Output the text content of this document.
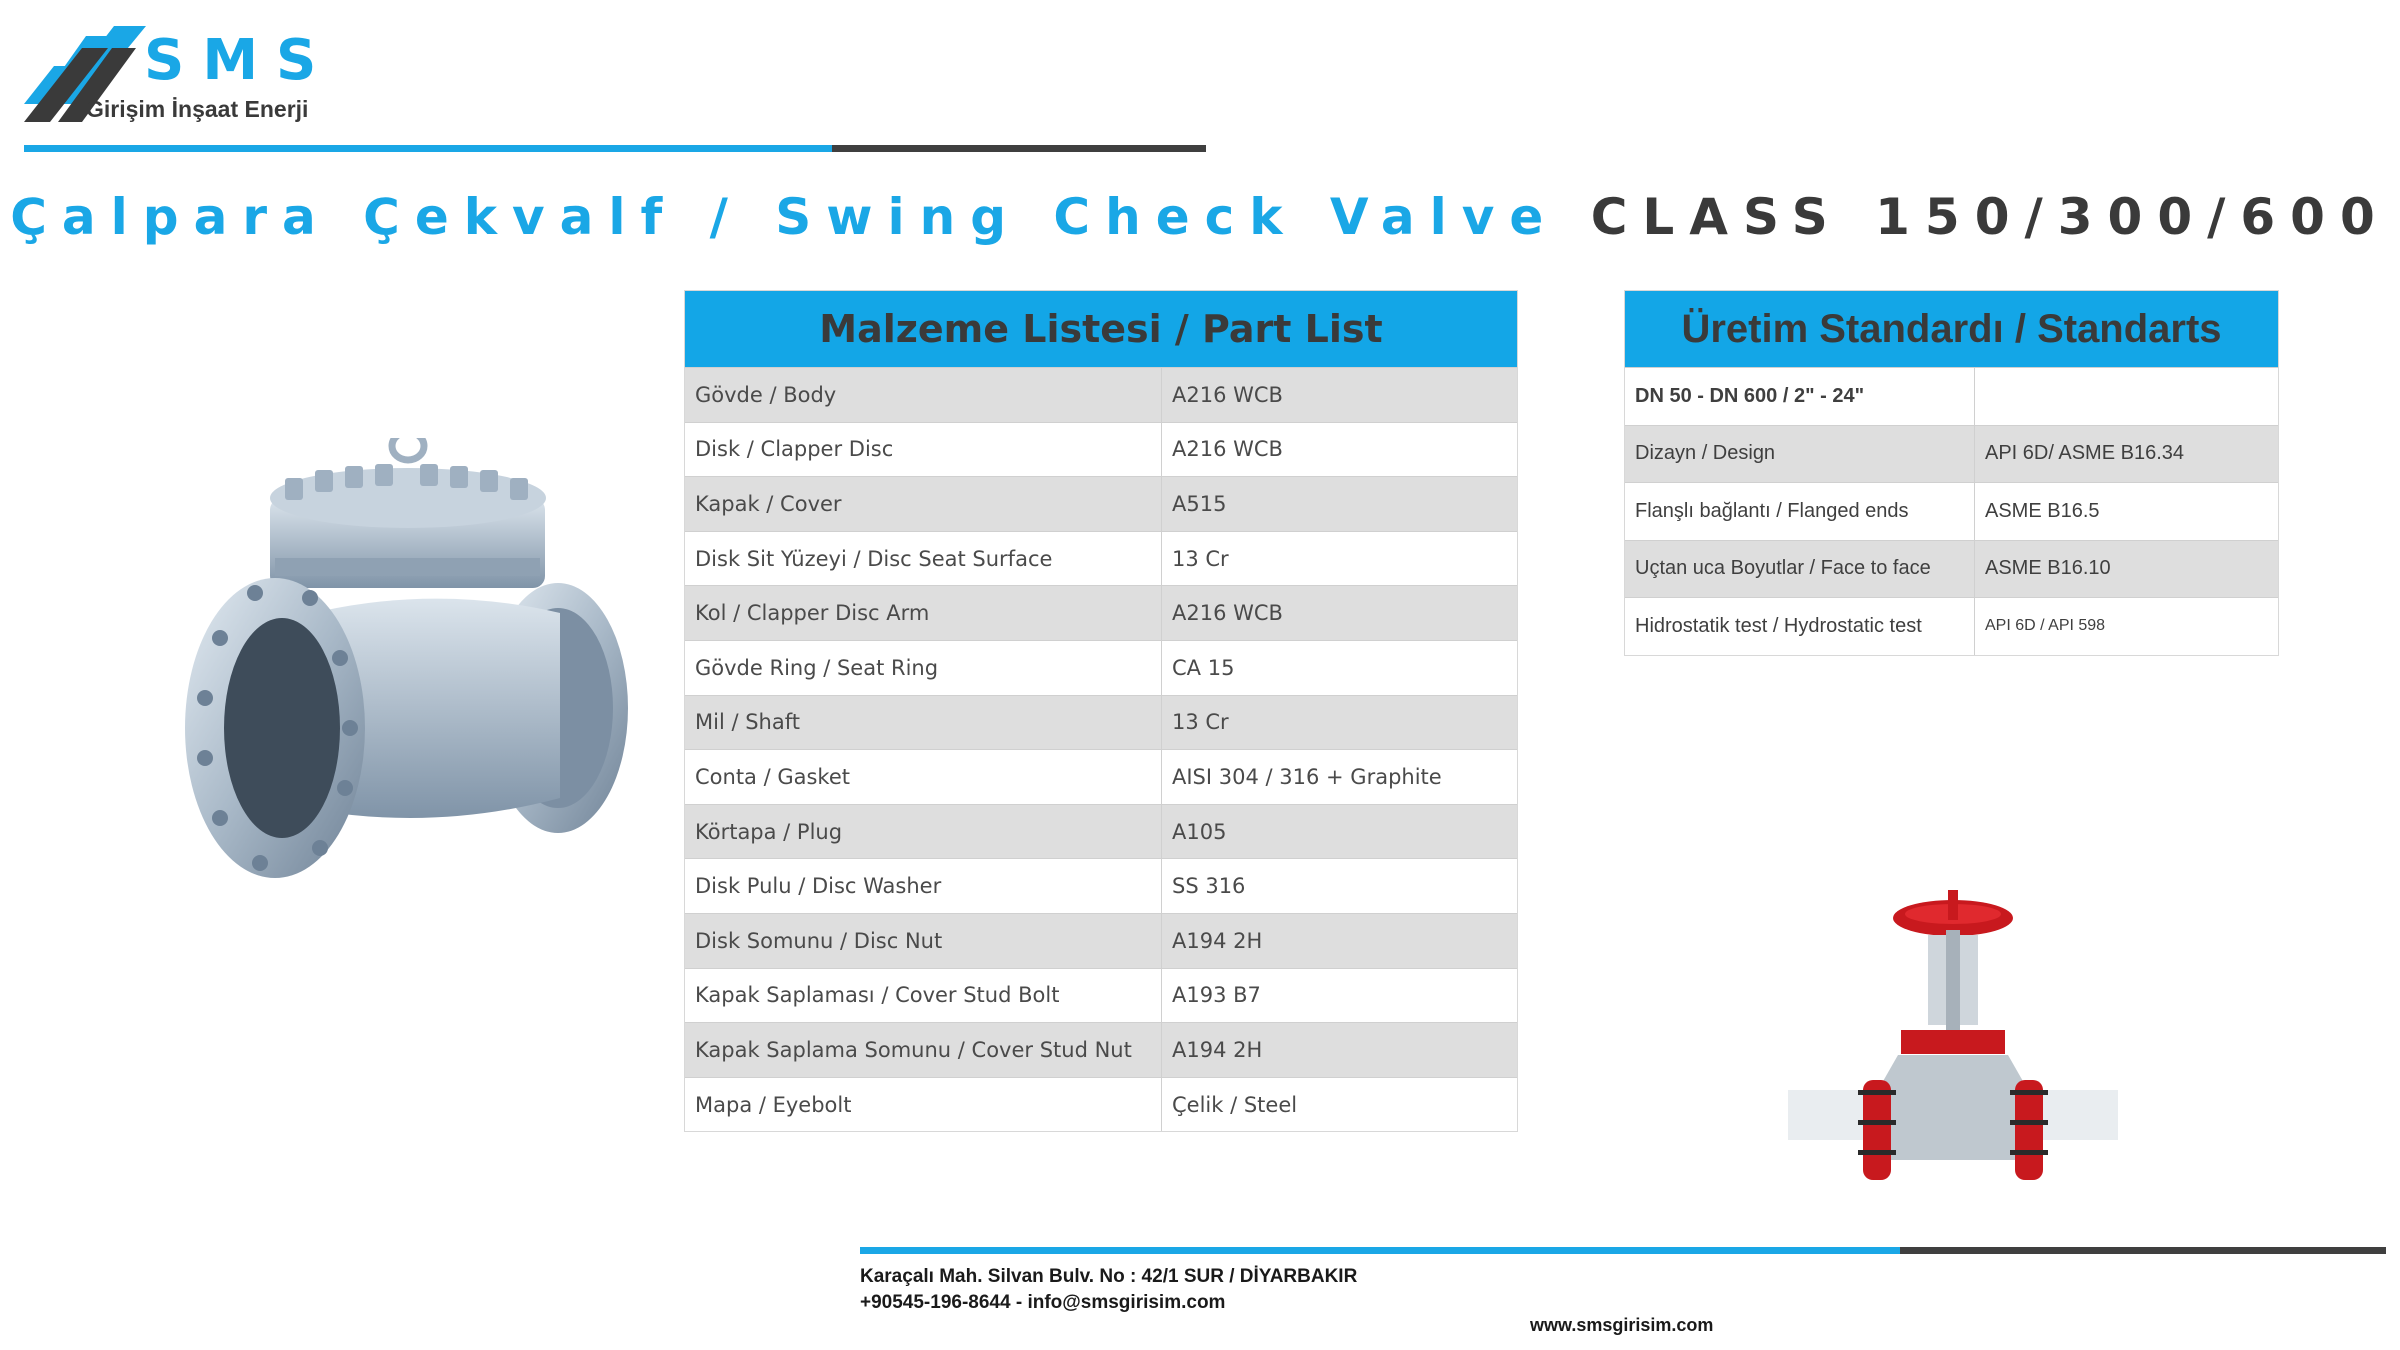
SMS
Girişim İnşaat Enerji
Çalpara Çekvalf / Swing Check Valve CLASS 150/300/600
Malzeme Listesi / Part List
Gövde / Body	A216 WCB
Disk / Clapper Disc	A216 WCB
Kapak / Cover	A515
Disk Sit Yüzeyi / Disc Seat Surface	13 Cr
Kol / Clapper Disc Arm	A216 WCB
Gövde Ring / Seat Ring	CA 15
Mil / Shaft	13 Cr
Conta / Gasket	AISI 304 / 316 + Graphite
Körtapa / Plug	A105
Disk Pulu / Disc Washer	SS 316
Disk Somunu / Disc Nut	A194 2H
Kapak Saplaması / Cover Stud Bolt	A193 B7
Kapak Saplama Somunu / Cover Stud Nut	A194 2H
Mapa / Eyebolt	Çelik / Steel
Üretim Standardı / Standarts
DN 50 - DN 600 / 2" - 24"
Dizayn / Design	API 6D/ ASME B16.34
Flanşlı bağlantı / Flanged ends	ASME B16.5
Uçtan uca Boyutlar / Face to face	ASME B16.10
Hidrostatik test / Hydrostatic test	API 6D / API 598
Karaçalı Mah. Silvan Bulv. No : 42/1 SUR / DİYARBAKIR
+90545-196-8644 - info@smsgirisim.com
www.smsgirisim.com
